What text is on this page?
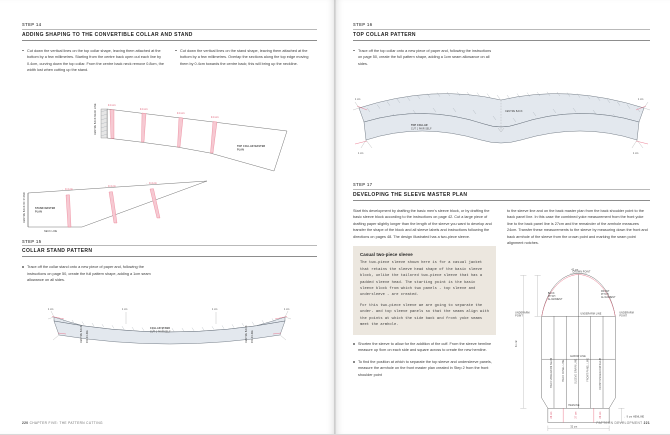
STEP 14
ADDING SHAPING TO THE CONVERTIBLE COLLAR AND STAND
Cut down the vertical lines on the top collar shape, leaving them attached at the bottom by a few millimetres. Starting from the centre back open out each line by 0.4cm, curving down the top collar. From the centre back neck remove 0.8cm, the width lost when cutting up the stand.
Cut down the vertical lines on the stand shape, leaving them attached at the bottom by a few millimetres. Overlap the sections along the top edge moving them by 0.4cm towards the centre back; this will bring up the neckline.
0.4 cm
0.4 cm
0.4 cm
0.4 cm
CENTRE BACK NECK LINE
TOP COLLAR MASTER
PLAN
← 0.4 cm
← 0.4 cm
← 0.4 cm
STAND MASTER
PLAN
CENTRE BACK OF STAND
NECK LINE
STEP 15
COLLAR STAND PATTERN
Trace off the collar stand onto a new piece of paper and, following the instructions on page 50, create the full pattern shape, adding a 1cm seam allowance on all sides.
1 cm	1 cm
1 cm	1 cm
COLLAR STAND
CUT 1 PAIR SELF
CENTRE BACK FOLD LINE	CENTRE BACK FOLD LINE
220 CHAPTER FIVE: THE PATTERN CUTTING
STEP 16
TOP COLLAR PATTERN
Trace off the top collar onto a new piece of paper and, following the instructions on page 50, create the full pattern shape, adding a 1cm seam allowance on all sides.
CENTRE BACK
1 cm	1 cm
1 cm	1 cm
TOP COLLAR
CUT 1 PAIR SELF
STEP 17
DEVELOPING THE SLEEVE MASTER PLAN

Start this development by drafting the basic men's sleeve block, or by drafting the basic sleeve block according to the instructions on page 42. Cut a large piece of drafting paper slightly longer than the length of the sleeve you want to develop and transfer the shape of the block and all sleeve labels and instructions following the directions on pages 48. The design illustrated has a two-piece sleeve.

Casual two-piece sleeve

The two-piece sleeve shown here is for a casual jacket that retains the sleeve head shape of the basic sleeve block, unlike the tailored two-piece sleeve that has a padded sleeve head. The starting point is the basic sleeve block from which two panels - top sleeve and undersleeve - are created.

For this two-piece sleeve we are going to separate the under- and top sleeve panels so that the seams align with the points at which the side back and front yoke seams meet the armhole.

Shorten the sleeve to allow for the addition of the cuff. From the sleeve hemline measure up 9cm on each side and square across to create the new hemline.
To find the position at which to separate the top sleeve and undersleeve panels, measure the armhole on the front master plan created in Step 2 from the front shoulder point

to the sleeve line and on the back master plan from the back shoulder point to the back panel line. In this case the combined yoke measurement from the front yoke line to the back panel line is 27cm and the remainder of the armhole measures 24cm. Transfer these measurements to the sleeve by measuring down the front and back armhole of the sleeve from the crown point and marking the seam point alignment notches.

42 cm
61 cm
32 cm
← 9 cm HEMLINE
BACK
PITCH
ALIGNMENT
FRONT
PITCH
ALIGNMENT
CROWN POINT
UNDERARM
POINT
UNDERARM
POINT
UNDERARM LINE
ELBOW LINE
HEMLINE
BACK UNDERARM SEAM	BACK PANEL LINE	SLEEVE GRAIN LINE	FRONT PANEL LINE	FRONT UNDERARM SEAM
24 cm	27 cm	24 cm
PATTERN DEVELOPMENT 221
